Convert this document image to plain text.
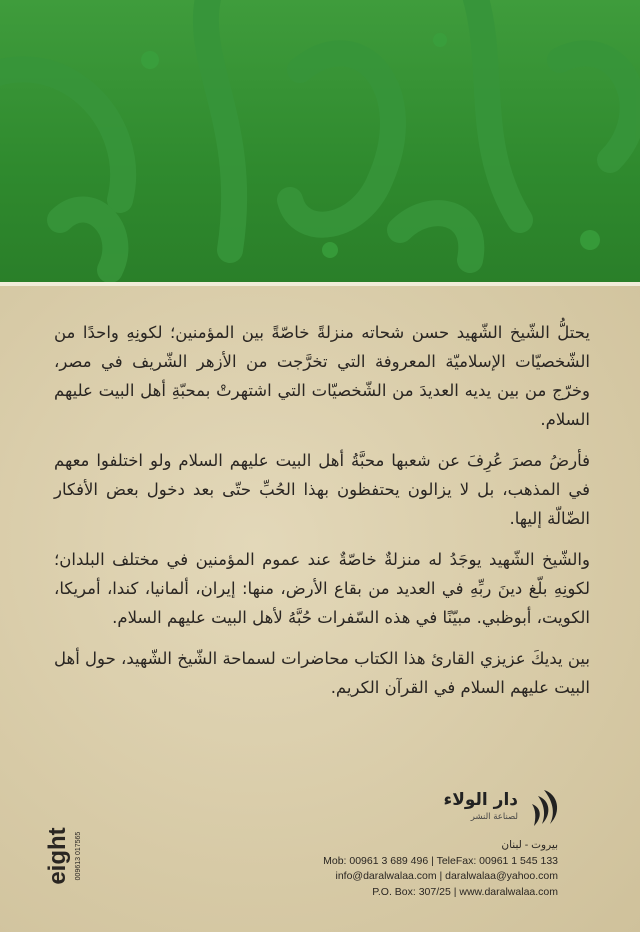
يحتلُّ الشّيخ الشّهيد حسن شحاته منزلةً خاصّةً بين المؤمنين؛ لكونِهِ واحدًا من الشّخصيّات الإسلاميّة المعروفة التي تخرَّجت من الأزهر الشّريف في مصر، وخرّج من بين يديه العديدَ من الشّخصيّات التي اشتهرتْ بمحبّةِ أهل البيت عليهم السلام.

فأرضُ مصرَ عُرِفَ عن شعبها محبَّةُ أهل البيت عليهم السلام ولو اختلفوا معهم في المذهب، بل لا يزالون يحتفظون بهذا الحُبِّ حتّى بعد دخول بعض الأفكار الضّالّة إليها.

والشّيخ الشّهيد يوجَدُ له منزلةٌ خاصّةٌ عند عموم المؤمنين في مختلف البلدان؛ لكونِهِ بلّغ دينَ ربِّهِ في العديد من بقاع الأرض، منها: إيران، ألمانيا، كندا، أمريكا، الكويت، أبوظبي. مبيّنًا في هذه السّفرات حُبَّهُ لأهل البيت عليهم السلام.

بين يديكَ عزيزي القارئ هذا الكتاب محاضرات لسماحة الشّيخ الشّهيد، حول أهل البيت عليهم السلام في القرآن الكريم.

دار الولاء
لصناعة النشر
بيروت - لبنان
Mob: 00961 3 689 496 | TeleFax: 00961 1 545 133
info@daralwalaa.com | daralwalaa@yahoo.com
P.O. Box: 307/25 | www.daralwalaa.com
eight 009613 017565
